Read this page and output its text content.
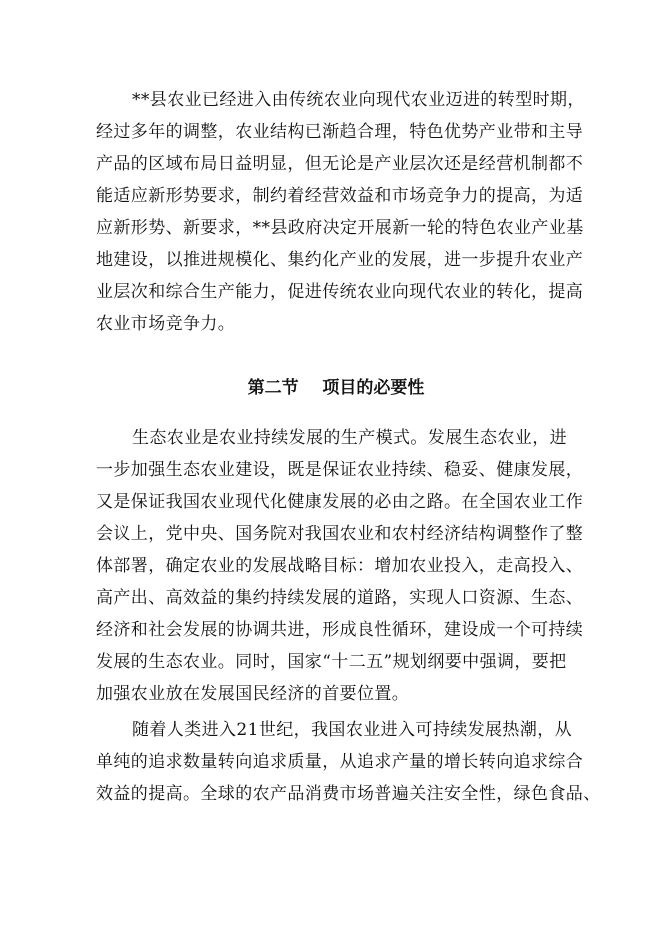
**县农业已经进入由传统农业向现代农业迈进的转型时期，
经过多年的调整，农业结构已渐趋合理，特色优势产业带和主导
产品的区域布局日益明显，但无论是产业层次还是经营机制都不
能适应新形势要求，制约着经营效益和市场竞争力的提高，为适
应新形势、新要求，**县政府决定开展新一轮的特色农业产业基
地建设，以推进规模化、集约化产业的发展，进一步提升农业产
业层次和综合生产能力，促进传统农业向现代农业的转化，提高
农业市场竞争力。
第二节    项目的必要性
生态农业是农业持续发展的生产模式。发展生态农业，进
一步加强生态农业建设，既是保证农业持续、稳妥、健康发展，
又是保证我国农业现代化健康发展的必由之路。在全国农业工作
会议上，党中央、国务院对我国农业和农村经济结构调整作了整
体部署，确定农业的发展战略目标：增加农业投入，走高投入、
高产出、高效益的集约持续发展的道路，实现人口资源、生态、
经济和社会发展的协调共进，形成良性循环，建设成一个可持续
发展的生态农业。同时，国家“十二五”规划纲要中强调，要把
加强农业放在发展国民经济的首要位置。
随着人类进入21世纪，我国农业进入可持续发展热潮，从
单纯的追求数量转向追求质量，从追求产量的增长转向追求综合
效益的提高。全球的农产品消费市场普遍关注安全性，绿色食品、
